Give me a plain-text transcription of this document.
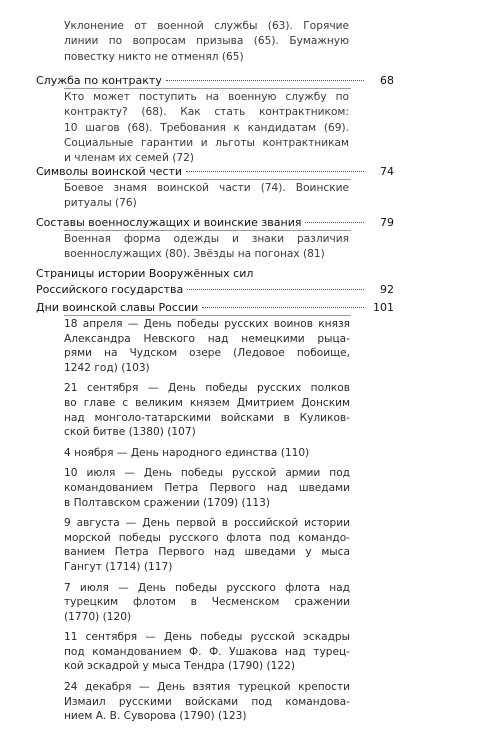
Уклонение от военной службы (63). Горячие
линии по вопросам призыва (65). Бумажную
повестку никто не отменял (65)
Служба по контракту	68
Кто может поступить на военную службу по
контракту? (68). Как стать контрактником:
10 шагов (68). Требования к кандидатам (69).
Социальные гарантии и льготы контрактникам
и членам их семей (72)
Символы воинской чести	74
Боевое знамя воинской части (74). Воинские
ритуалы (76)
Составы военнослужащих и воинские звания	79
Военная форма одежды и знаки различия
военнослужащих (80). Звёзды на погонах (81)
Страницы истории Вооружённых сил
Российского государства	92
Дни воинской славы России	101
18 апреля — День победы русских воинов князя
Александра Невского над немецкими рыца-
рями на Чудском озере (Ледовое побоище,
1242 год) (103)
21 сентября — День победы русских полков
во главе с великим князем Дмитрием Донским
над монголо-татарскими войсками в Куликов-
ской битве (1380) (107)
4 ноября — День народного единства (110)
10 июля — День победы русской армии под
командованием Петра Первого над шведами
в Полтавском сражении (1709) (113)
9 августа — День первой в российской истории
морской победы русского флота под командо-
ванием Петра Первого над шведами у мыса
Гангут (1714) (117)
7 июля — День победы русского флота над
турецким флотом в Чесменском сражении
(1770) (120)
11 сентября — День победы русской эскадры
под командованием Ф. Ф. Ушакова над турец-
кой эскадрой у мыса Тендра (1790) (122)
24 декабря — День взятия турецкой крепости
Измаил русскими войсками под командова-
нием А. В. Суворова (1790) (123)
